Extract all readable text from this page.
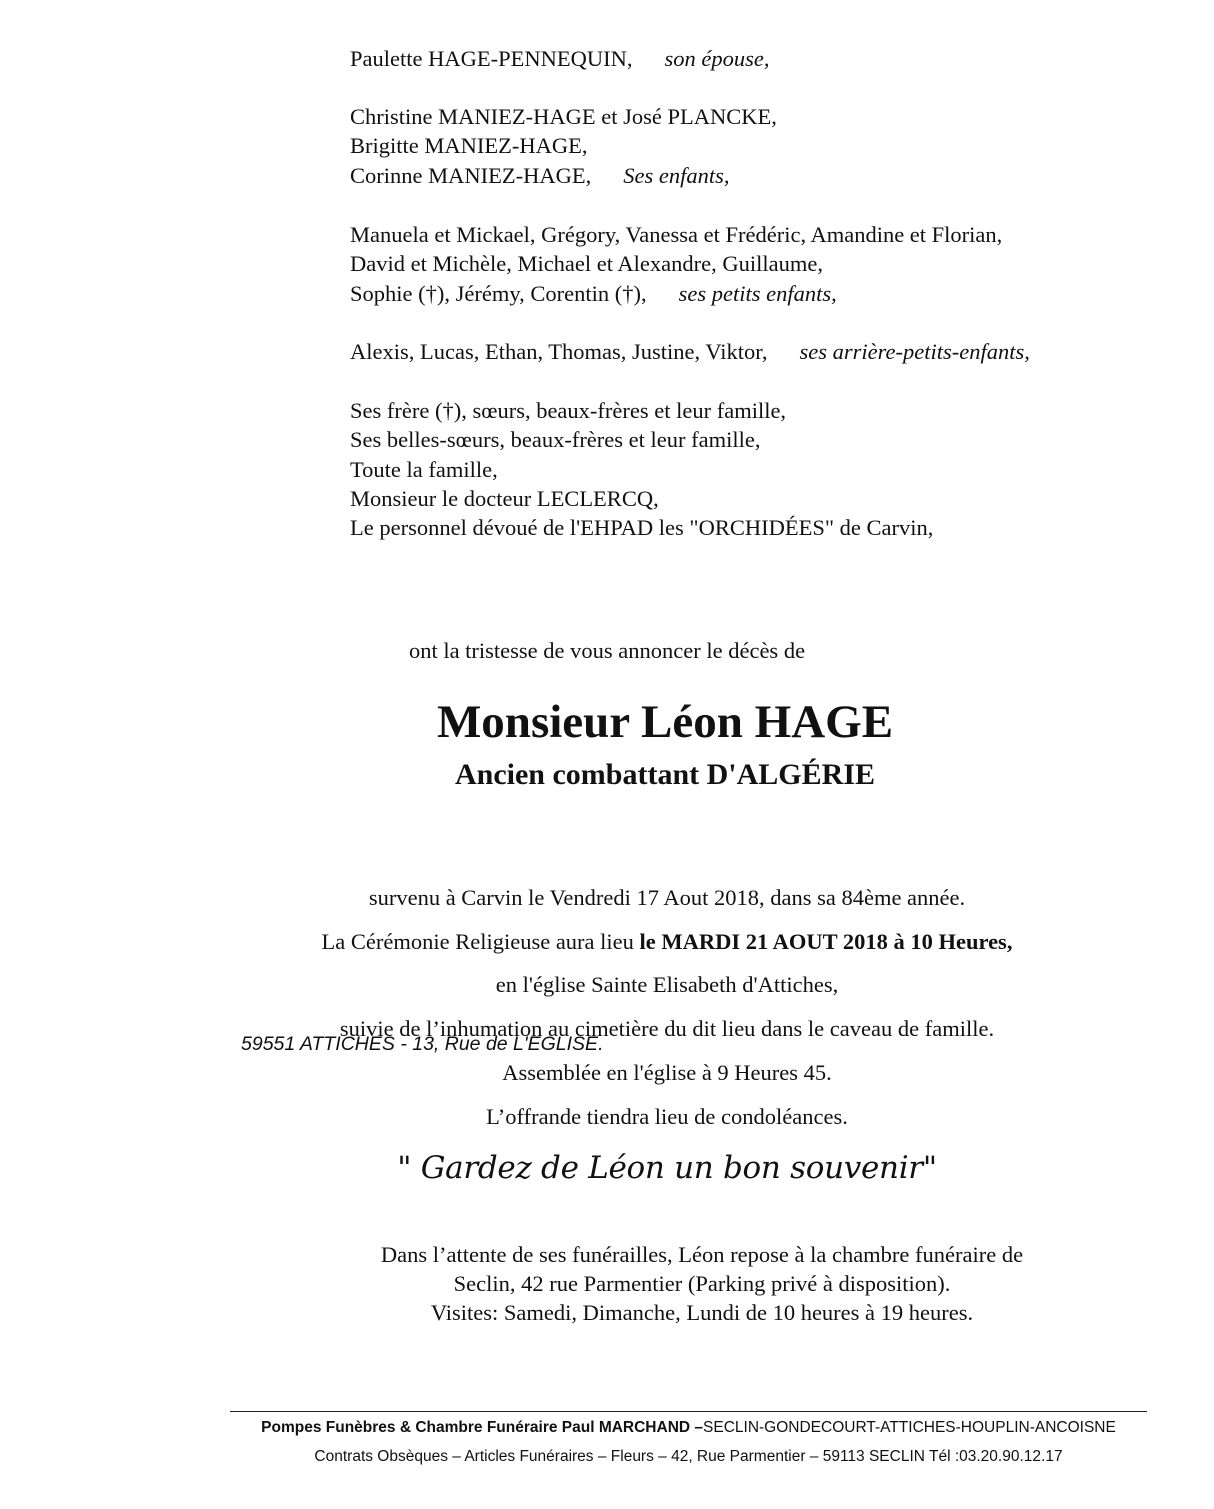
Paulette HAGE-PENNEQUIN, son épouse,
Christine MANIEZ-HAGE et José PLANCKE,
Brigitte MANIEZ-HAGE,
Corinne MANIEZ-HAGE, Ses enfants,
Manuela et Mickael, Grégory, Vanessa et Frédéric, Amandine et Florian,
David et Michèle, Michael et Alexandre, Guillaume,
Sophie (†), Jérémy, Corentin (†), ses petits enfants,
Alexis, Lucas, Ethan, Thomas, Justine, Viktor, ses arrière-petits-enfants,
Ses frère (†), sœurs, beaux-frères et leur famille,
Ses belles-sœurs, beaux-frères et leur famille,
Toute la famille,
Monsieur le docteur LECLERCQ,
Le personnel dévoué de l'EHPAD les "ORCHIDÉES" de Carvin,
ont la tristesse de vous annoncer le décès de
Monsieur Léon HAGE
Ancien combattant D'ALGÉRIE
survenu à Carvin le Vendredi 17 Aout 2018, dans sa 84ème année.
La Cérémonie Religieuse aura lieu le MARDI 21 AOUT 2018 à 10 Heures,
en l'église Sainte Elisabeth d'Attiches,
suivie de l’inhumation au cimetière du dit lieu dans le caveau de famille.
Assemblée en l'église à 9 Heures 45.
L’offrande tiendra lieu de condoléances.
" Gardez de Léon un bon souvenir"
Dans l’attente de ses funérailles, Léon repose à la chambre funéraire de
Seclin, 42 rue Parmentier (Parking privé à disposition).
Visites: Samedi, Dimanche, Lundi de 10 heures à 19 heures.
59551 ATTICHES - 13, Rue de L'EGLISE.
Pompes Funèbres & Chambre Funéraire Paul MARCHAND –SECLIN-GONDECOURT-ATTICHES-HOUPLIN-ANCOISNE
Contrats Obsèques – Articles Funéraires – Fleurs – 42, Rue Parmentier – 59113 SECLIN Tél :03.20.90.12.17
